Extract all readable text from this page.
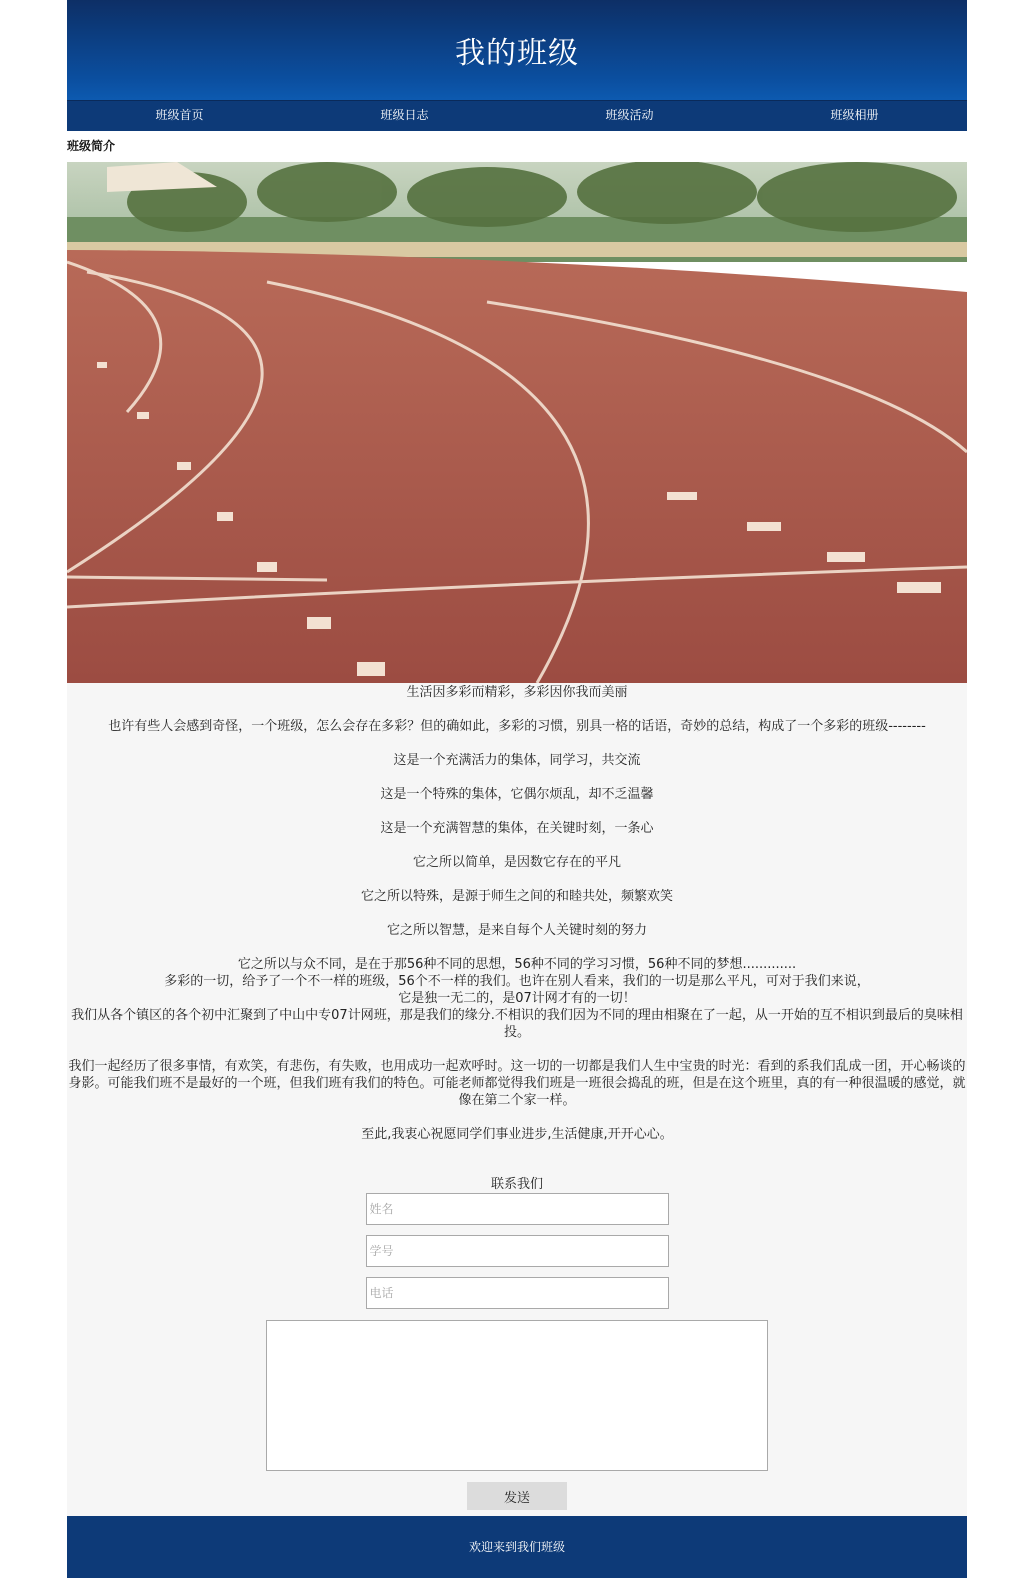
我的班级
班级首页	班级日志	班级活动	班级相册
班级简介

生活因多彩而精彩，多彩因你我而美丽

也许有些人会感到奇怪，一个班级，怎么会存在多彩？但的确如此，多彩的习惯，别具一格的话语，奇妙的总结，构成了一个多彩的班级--------

这是一个充满活力的集体，同学习，共交流

这是一个特殊的集体，它偶尔烦乱，却不乏温馨

这是一个充满智慧的集体，在关键时刻，一条心

它之所以简单，是因数它存在的平凡

它之所以特殊，是源于师生之间的和睦共处，频繁欢笑

它之所以智慧，是来自每个人关键时刻的努力

它之所以与众不同，是在于那56种不同的思想，56种不同的学习习惯，56种不同的梦想.............

多彩的一切，给予了一个不一样的班级，56个不一样的我们。也许在别人看来，我们的一切是那么平凡，可对于我们来说，

它是独一无二的，是07计网才有的一切！

我们从各个镇区的各个初中汇聚到了中山中专07计网班，那是我们的缘分.不相识的我们因为不同的理由相聚在了一起，从一开始的互不相识到最后的臭味相投。

我们一起经历了很多事情，有欢笑，有悲伤，有失败，也用成功一起欢呼时。这一切的一切都是我们人生中宝贵的时光：看到的系我们乱成一团，开心畅谈的身影。可能我们班不是最好的一个班，但我们班有我们的特色。可能老师都觉得我们班是一班很会捣乱的班，但是在这个班里，真的有一种很温暖的感觉，就像在第二个家一样。

至此,我衷心祝愿同学们事业进步,生活健康,开开心心。

联系我们

姓名
学号
电话
发送
欢迎来到我们班级
